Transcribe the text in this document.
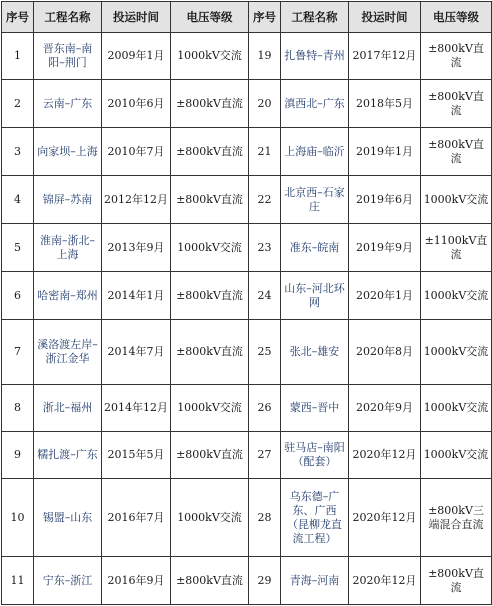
序号	工程名称	投运时间	电压等级	序号	工程名称	投运时间	电压等级
1	晋东南–南阳–荆门	2009年1月	1000kV交流	19	扎鲁特–青州	2017年12月	±800kV直流
2	云南–广东	2010年6月	±800kV直流	20	滇西北–广东	2018年5月	±800kV直流
3	向家坝–上海	2010年7月	±800kV直流	21	上海庙–临沂	2019年1月	±800kV直流
4	锦屏–苏南	2012年12月	±800kV直流	22	北京西–石家庄	2019年6月	1000kV交流
5	淮南–浙北–上海	2013年9月	1000kV交流	23	准东–皖南	2019年9月	±1100kV直流
6	哈密南–郑州	2014年1月	±800kV直流	24	山东–河北环网	2020年1月	1000kV交流
7	溪洛渡左岸–浙江金华	2014年7月	±800kV直流	25	张北–雄安	2020年8月	1000kV交流
8	浙北–福州	2014年12月	1000kV交流	26	蒙西–晋中	2020年9月	1000kV交流
9	糯扎渡–广东	2015年5月	±800kV直流	27	驻马店–南阳（配套）	2020年12月	1000kV交流
10	锡盟–山东	2016年7月	1000kV交流	28	乌东德–广东、广西（昆柳龙直流工程）	2020年12月	±800kV三端混合直流
11	宁东–浙江	2016年9月	±800kV直流	29	青海–河南	2020年12月	±800kV直流
